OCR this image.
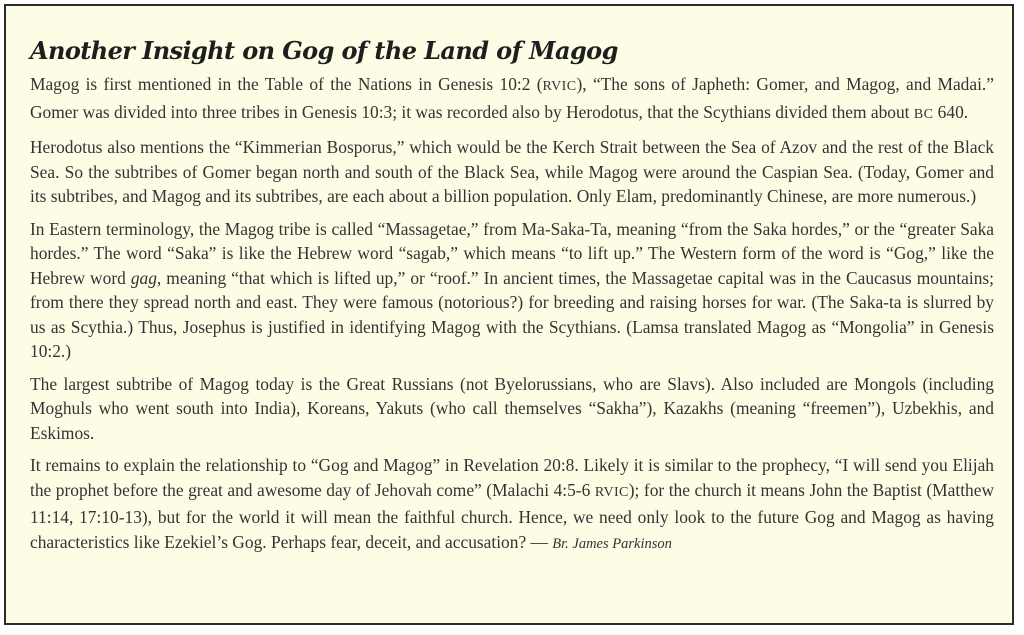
Another Insight on Gog of the Land of Magog

Magog is first mentioned in the Table of the Nations in Genesis 10:2 (RVIC), “The sons of Japheth: Gomer, and Magog, and Madai.” Gomer was divided into three tribes in Genesis 10:3; it was recorded also by Herodotus, that the Scythians divided them about BC 640.

Herodotus also mentions the “Kimmerian Bosporus,” which would be the Kerch Strait between the Sea of Azov and the rest of the Black Sea. So the subtribes of Gomer began north and south of the Black Sea, while Magog were around the Caspian Sea. (Today, Gomer and its subtribes, and Magog and its subtribes, are each about a billion population. Only Elam, predominantly Chinese, are more numerous.)

In Eastern terminology, the Magog tribe is called “Massagetae,” from Ma-Saka-Ta, meaning “from the Saka hordes,” or the “greater Saka hordes.” The word “Saka” is like the Hebrew word “sagab,” which means “to lift up.” The Western form of the word is “Gog,” like the Hebrew word gag, meaning “that which is lifted up,” or “roof.” In ancient times, the Massagetae capital was in the Caucasus mountains; from there they spread north and east. They were famous (notorious?) for breeding and raising horses for war. (The Saka-ta is slurred by us as Scythia.) Thus, Josephus is justified in identifying Magog with the Scythians. (Lamsa translated Magog as “Mongolia” in Genesis 10:2.)

The largest subtribe of Magog today is the Great Russians (not Byelorussians, who are Slavs). Also included are Mongols (including Moghuls who went south into India), Koreans, Yakuts (who call themselves “Sakha”), Kazakhs (meaning “freemen”), Uzbekhis, and Eskimos.

It remains to explain the relationship to “Gog and Magog” in Revelation 20:8. Likely it is similar to the prophecy, “I will send you Elijah the prophet before the great and awesome day of Jehovah come” (Malachi 4:5-6 RVIC); for the church it means John the Baptist (Matthew 11:14, 17:10-13), but for the world it will mean the faithful church. Hence, we need only look to the future Gog and Magog as having characteristics like Ezekiel’s Gog. Perhaps fear, deceit, and accusation? — Br. James Parkinson
